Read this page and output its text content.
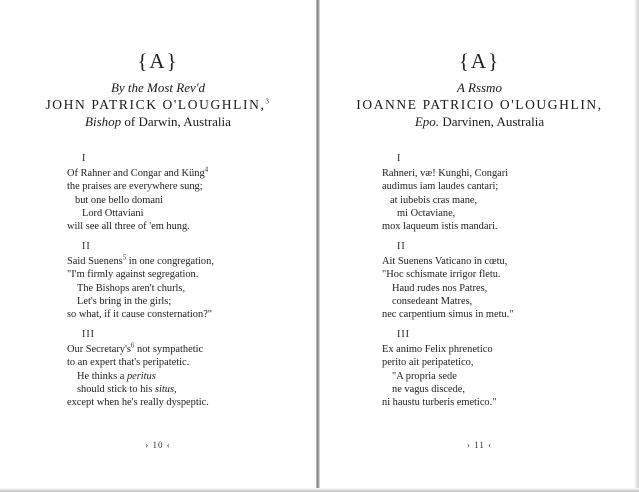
{A}
By the Most Rev'd
JOHN PATRICK O'LOUGHLIN,$^3$
Bishop of Darwin, Australia
I
Of Rahner and Congar and Küng$^4$
the praises are everywhere sung;
but one bello domani
Lord Ottaviani
will see all three of 'em hung.
II
Said Suenens$^5$ in one congregation,
"I'm firmly against segregation.
The Bishops aren't churls,
Let's bring in the girls;
so what, if it cause consternation?"
III
Our $Secretary's^6$ not sympathetic
to an expert that's peripatetic.
He thinks a peritus
should stick to his situs,
except when he's really dyspeptic.
› 10 ‹
{A}
A Rssmo
IOANNE PATRICIO O'LOUGHLIN,
Epo. Darvinen, Australia
I
Rahneri, væ! Kunghi, Congari
audimus iam laudes cantari;
at iubebis cras mane,
mi Octaviane,
mox laqueum istis mandari.
II
Ait Suenens Vaticano in cœtu,
"Hoc schismate irrigor fletu.
Haud rudes nos Patres,
consedeant Matres,
nec carpentium simus in metu."
III
Ex animo Felix phrenetico
perito ait peripatetico,
"A propria sede
ne vagus discede,
ni haustu turberis emetico."
› 11 ‹
